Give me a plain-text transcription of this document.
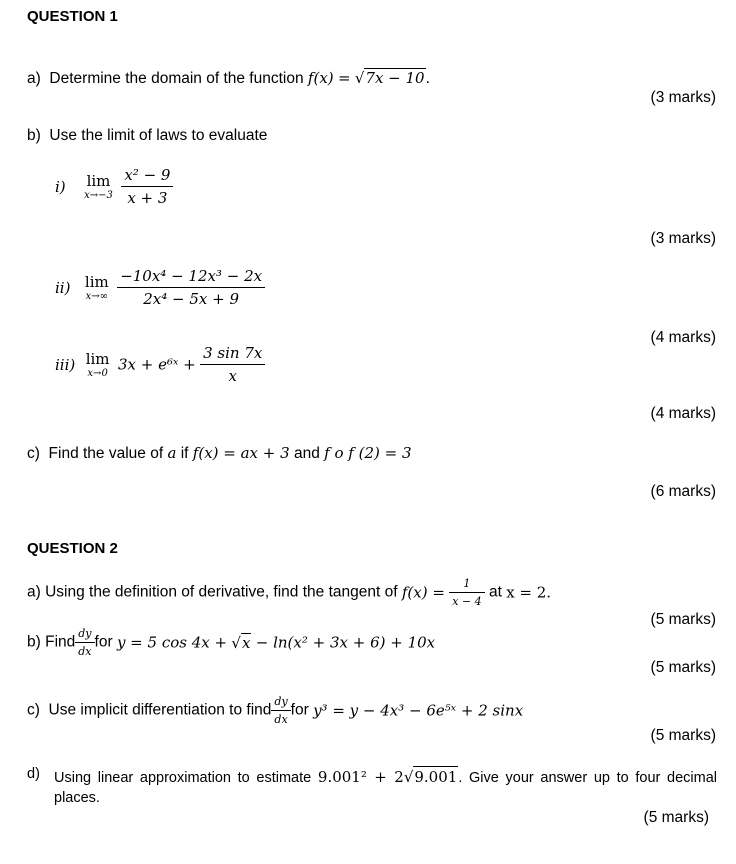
QUESTION 1
a) Determine the domain of the function f(x) = √7x − 10.
(3 marks)
b) Use the limit of laws to evaluate
i) lim
x→−3
$\frac{\text{x² − 9}}{x + 3}$
(3 marks)
ii) lim
x→∞
$\frac{\text{−10x⁴ − 12x³ − 2x}}{\text{2x⁴ − 5x + 9}}$
(4 marks)
iii) lim
x→0 3x + e⁶ˣ + $\frac{3 \sin 7x}{x}$
(4 marks)
c) Find the value of a if f(x) = ax + 3 and f o f (2) = 3
(6 marks)
QUESTION 2
a) Using the definition of derivative, find the tangent of $f(x) = \frac{1}{x - 4}$ at x = 2.
(5 marks)
b) Find $\frac{dy}{dx}$ for y = 5 cos 4x + √x − ln(x² + 3x + 6) + 10x
(5 marks)
c) Use implicit differentiation to find $\frac{dy}{dx}$ for y³ = y − 4x³ − 6e⁵ˣ + 2 sinx
(5 marks)
d) Using linear approximation to estimate 9.001² + 2√9.001. Give your answer up to four decimal places.
(5 marks)
